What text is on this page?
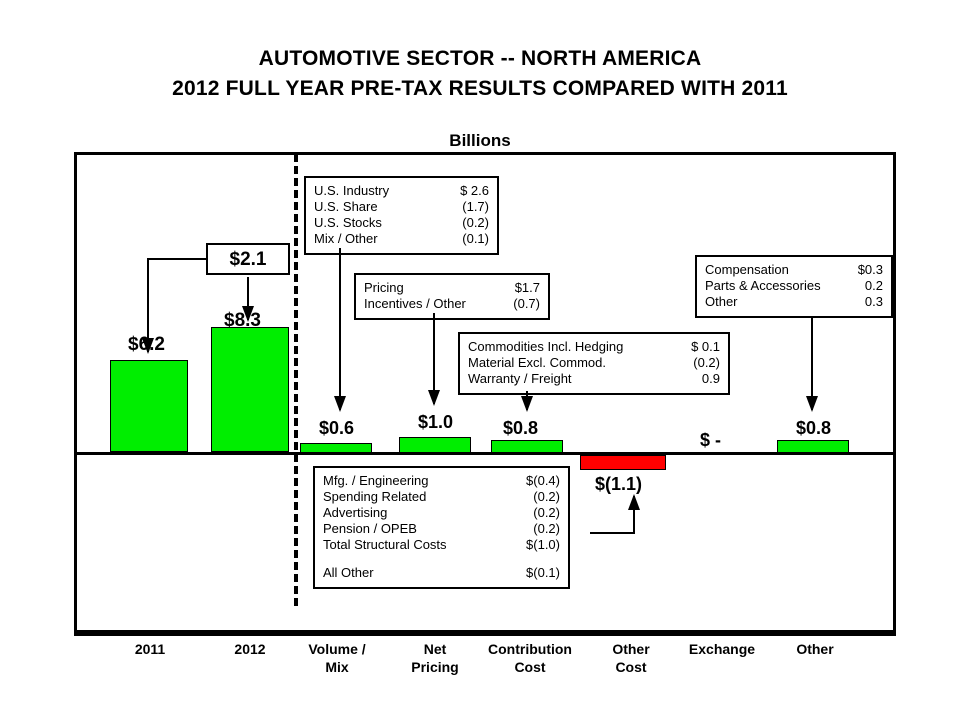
AUTOMOTIVE SECTOR -- NORTH AMERICA
2012 FULL YEAR PRE-TAX RESULTS COMPARED WITH 2011
Billions
$6.2
$8.3
$0.6	$1.0	$0.8
$(1.1)
$ -
$0.8
$2.1
U.S. Industry	$ 2.6
U.S. Share	(1.7)
U.S. Stocks	(0.2)
Mix / Other	(0.1)
Pricing	$1.7
Incentives / Other	(0.7)
Commodities Incl. Hedging	$ 0.1
Material Excl. Commod.	(0.2)
Warranty / Freight	0.9
Compensation	$0.3
Parts & Accessories	0.2
Other	0.3
Mfg. / Engineering	$(0.4)
Spending Related	(0.2)
Advertising	(0.2)
Pension / OPEB	(0.2)
Total Structural Costs	$(1.0)
All Other	$(0.1)
2011	2012	Volume /
Mix
Net
Pricing
Contribution
Cost
Other
Cost
Exchange	Other
